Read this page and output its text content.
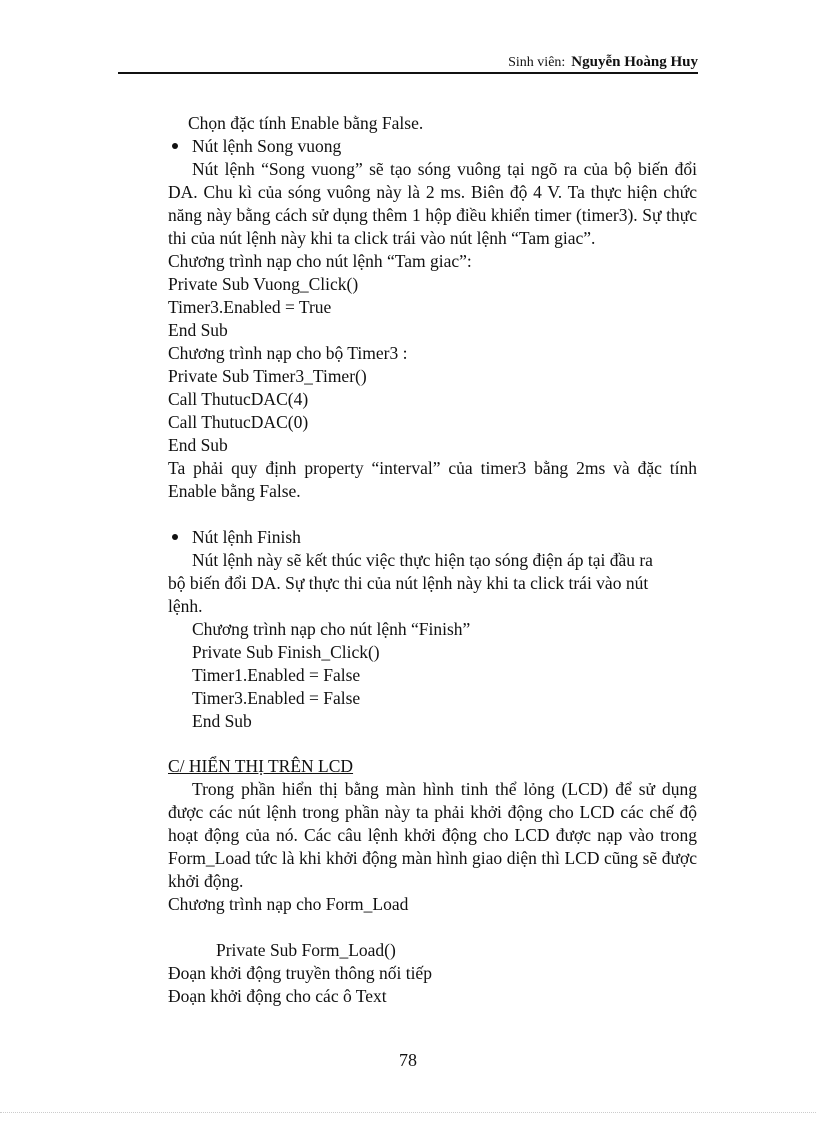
Sinh viên: Nguyễn Hoàng Huy
Chọn đặc tính Enable bằng False.
Nút lệnh Song vuong
Nút lệnh “Song vuong” sẽ tạo sóng vuông tại ngõ ra của bộ biến đổi
DA. Chu kì của sóng vuông này là 2 ms. Biên độ 4 V. Ta thực hiện chức
năng này bằng cách sử dụng thêm 1 hộp điều khiển timer (timer3). Sự thực
thi của nút lệnh này khi ta click trái vào nút lệnh “Tam giac”.
Chương trình nạp cho nút lệnh “Tam giac”:
Private Sub Vuong_Click()
Timer3.Enabled = True
End Sub
Chương trình nạp cho bộ Timer3 :
Private Sub Timer3_Timer()
Call ThutucDAC(4)
Call ThutucDAC(0)
End Sub
Ta phải quy định property “interval” của timer3 bằng 2ms và đặc tính
Enable bằng False.
Nút lệnh Finish
Nút lệnh này sẽ kết thúc việc thực hiện tạo sóng điện áp tại đầu ra
bộ biến đổi DA. Sự thực thi của nút lệnh này khi ta click trái vào nút
lệnh.
Chương trình nạp cho nút lệnh “Finish”
Private Sub Finish_Click()
Timer1.Enabled = False
Timer3.Enabled = False
End Sub
C/ HIỂN THỊ TRÊN LCD
Trong phần hiển thị bằng màn hình tinh thể lỏng (LCD) để sử dụng
được các nút lệnh trong phần này ta phải khởi động cho LCD các chế độ
hoạt động của nó. Các câu lệnh khởi động cho LCD được nạp vào trong
Form_Load tức là khi khởi động màn hình giao diện thì LCD cũng sẽ được
khởi động.
Chương trình nạp cho Form_Load
Private Sub Form_Load()
Đoạn khởi động truyền thông nối tiếp
Đoạn khởi động cho các ô Text
78
